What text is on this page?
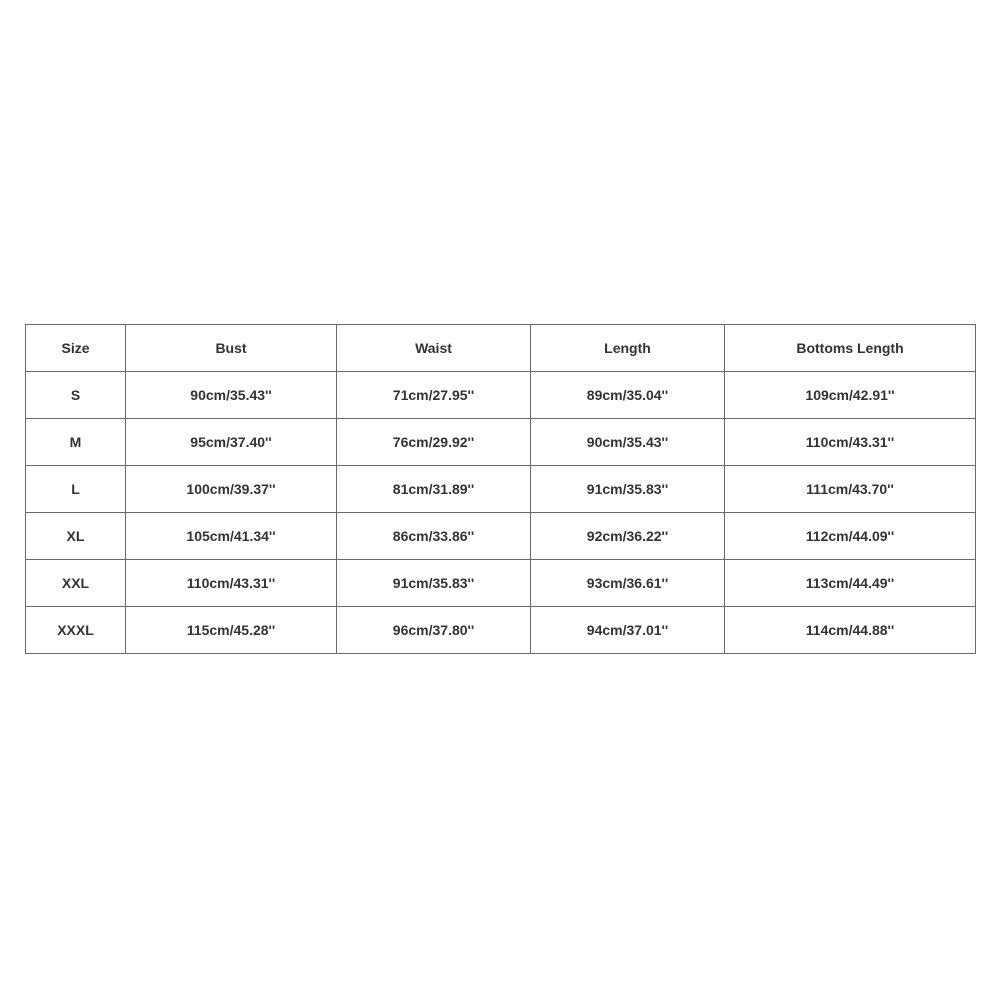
Size	Bust	Waist	Length	Bottoms Length
S	90cm/35.43''	71cm/27.95''	89cm/35.04''	109cm/42.91''
M	95cm/37.40''	76cm/29.92''	90cm/35.43''	110cm/43.31''
L	100cm/39.37''	81cm/31.89''	91cm/35.83''	111cm/43.70''
XL	105cm/41.34''	86cm/33.86''	92cm/36.22''	112cm/44.09''
XXL	110cm/43.31''	91cm/35.83''	93cm/36.61''	113cm/44.49''
XXXL	115cm/45.28''	96cm/37.80''	94cm/37.01''	114cm/44.88''
